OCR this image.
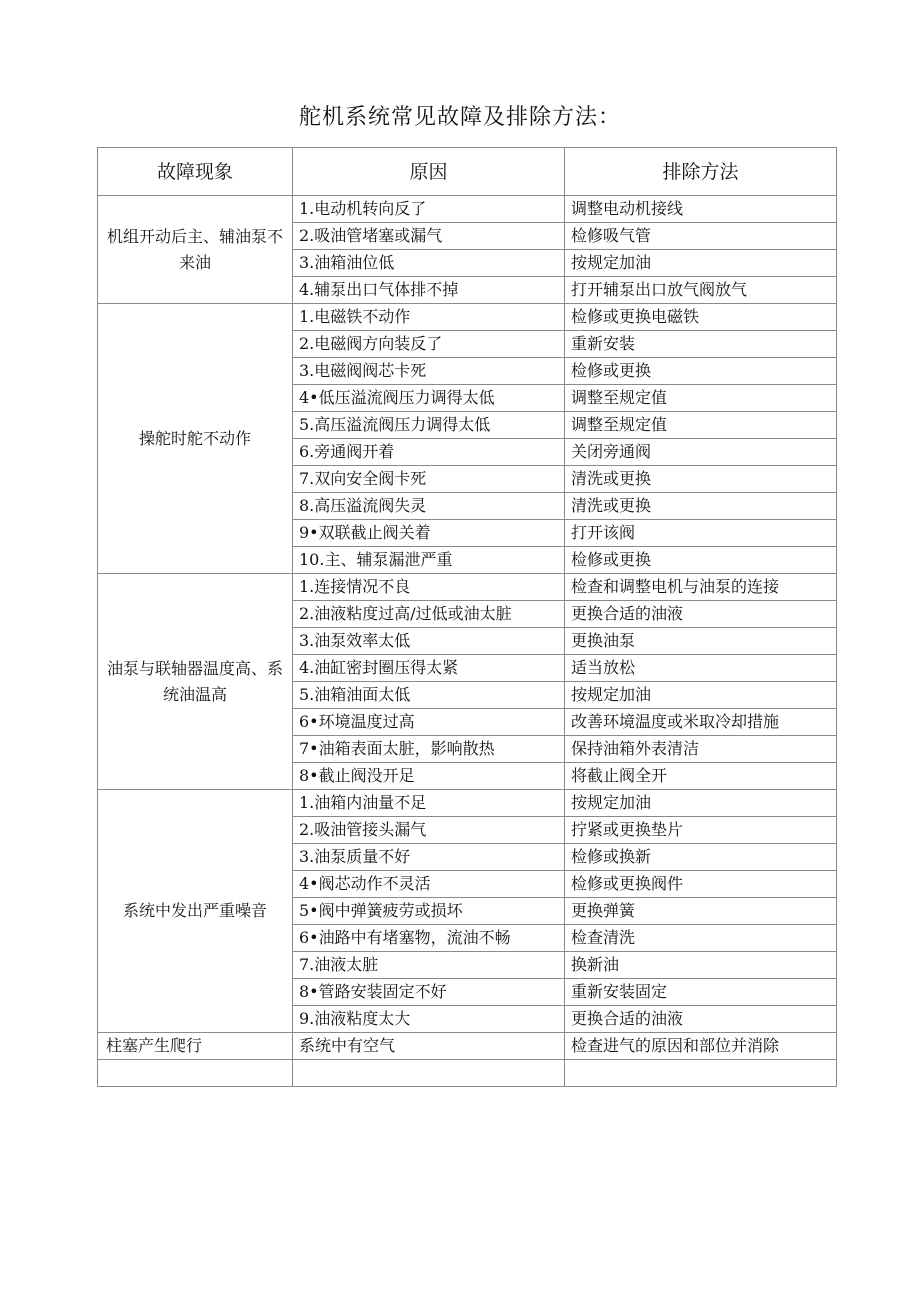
舵机系统常见故障及排除方法：
故障现象	原因	排除方法
机组开动后主、辅油泵不来油	1.电动机转向反了	调整电动机接线
	2.吸油管堵塞或漏气	检修吸气管
	3.油箱油位低	按规定加油
	4.辅泵出口气体排不掉	打开辅泵出口放气阀放气
操舵时舵不动作	1.电磁铁不动作	检修或更换电磁铁
	2.电磁阀方向装反了	重新安装
	3.电磁阀阀芯卡死	检修或更换
	4•低压溢流阀压力调得太低	调整至规定值
	5.高压溢流阀压力调得太低	调整至规定值
	6.旁通阀开着	关闭旁通阀
	7.双向安全阀卡死	清洗或更换
	8.高压溢流阀失灵	清洗或更换
	9•双联截止阀关着	打开该阀
	10.主、辅泵漏泄严重	检修或更换
油泵与联轴器温度高、系统油温高	1.连接情况不良	检查和调整电机与油泵的连接
	2.油液粘度过高/过低或油太脏	更换合适的油液
	3.油泵效率太低	更换油泵
	4.油缸密封圈压得太紧	适当放松
	5.油箱油面太低	按规定加油
	6•环境温度过高	改善环境温度或米取冷却措施
	7•油箱表面太脏，影响散热	保持油箱外表清洁
	8•截止阀没开足	将截止阀全开
系统中发出严重噪音	1.油箱内油量不足	按规定加油
	2.吸油管接头漏气	拧紧或更换垫片
	3.油泵质量不好	检修或换新
	4•阀芯动作不灵活	检修或更换阀件
	5•阀中弹簧疲劳或损坏	更换弹簧
	6•油路中有堵塞物，流油不畅	检查清洗
	7.油液太脏	换新油
	8•管路安装固定不好	重新安装固定
	9.油液粘度太大	更换合适的油液
柱塞产生爬行	系统中有空气	检查进气的原因和部位并消除
